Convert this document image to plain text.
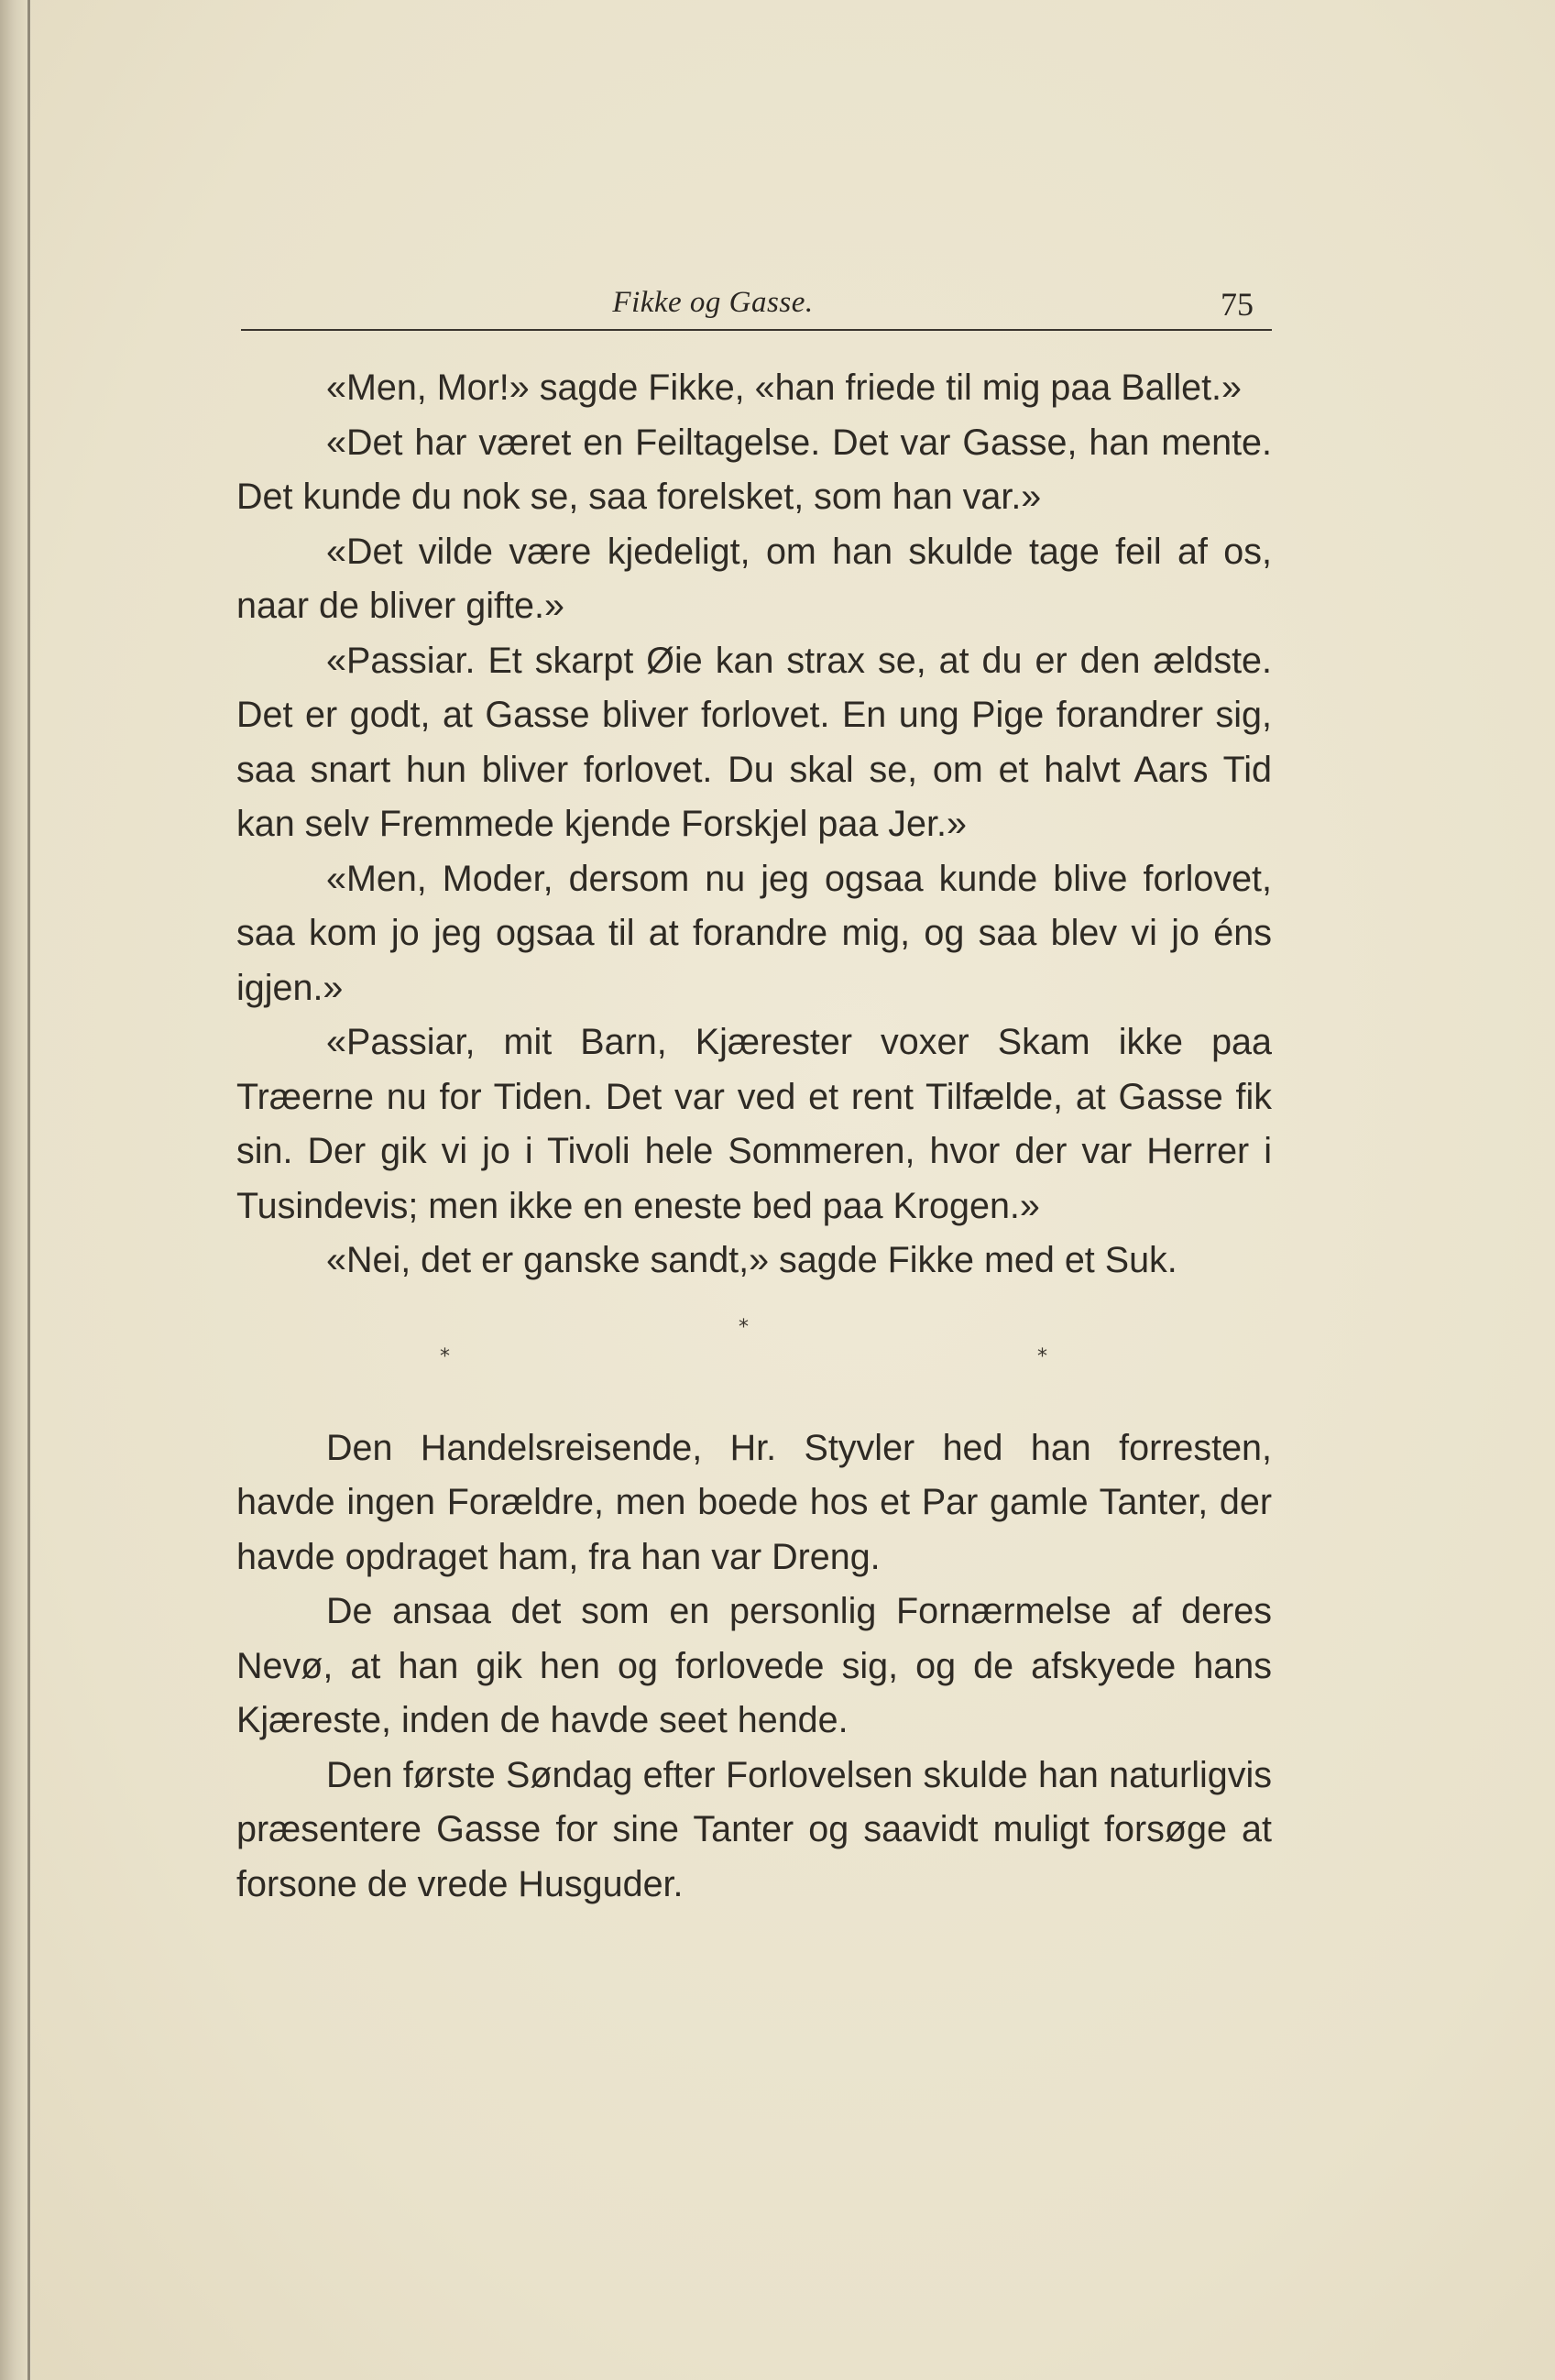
Fikke og Gasse.	75

«Men, Mor!» sagde Fikke, «han friede til mig paa Ballet.»

«Det har været en Feiltagelse. Det var Gasse, han mente. Det kunde du nok se, saa forelsket, som han var.»

«Det vilde være kjedeligt, om han skulde tage feil af os, naar de bliver gifte.»

«Passiar. Et skarpt Øie kan strax se, at du er den ældste. Det er godt, at Gasse bliver forlovet. En ung Pige forandrer sig, saa snart hun bliver forlovet. Du skal se, om et halvt Aars Tid kan selv Fremmede kjende Forskjel paa Jer.»

«Men, Moder, dersom nu jeg ogsaa kunde blive forlovet, saa kom jo jeg ogsaa til at forandre mig, og saa blev vi jo éns igjen.»

«Passiar, mit Barn, Kjærester voxer Skam ikke paa Træerne nu for Tiden. Det var ved et rent Tilfælde, at Gasse fik sin. Der gik vi jo i Tivoli hele Sommeren, hvor der var Herrer i Tusindevis; men ikke en eneste bed paa Krogen.»

«Nei, det er ganske sandt,» sagde Fikke med et Suk.

*
*	*

Den Handelsreisende, Hr. Styvler hed han forresten, havde ingen Forældre, men boede hos et Par gamle Tanter, der havde opdraget ham, fra han var Dreng.

De ansaa det som en personlig Fornærmelse af deres Nevø, at han gik hen og forlovede sig, og de afskyede hans Kjæreste, inden de havde seet hende.

Den første Søndag efter Forlovelsen skulde han naturligvis præsentere Gasse for sine Tanter og saavidt muligt forsøge at forsone de vrede Husguder.
